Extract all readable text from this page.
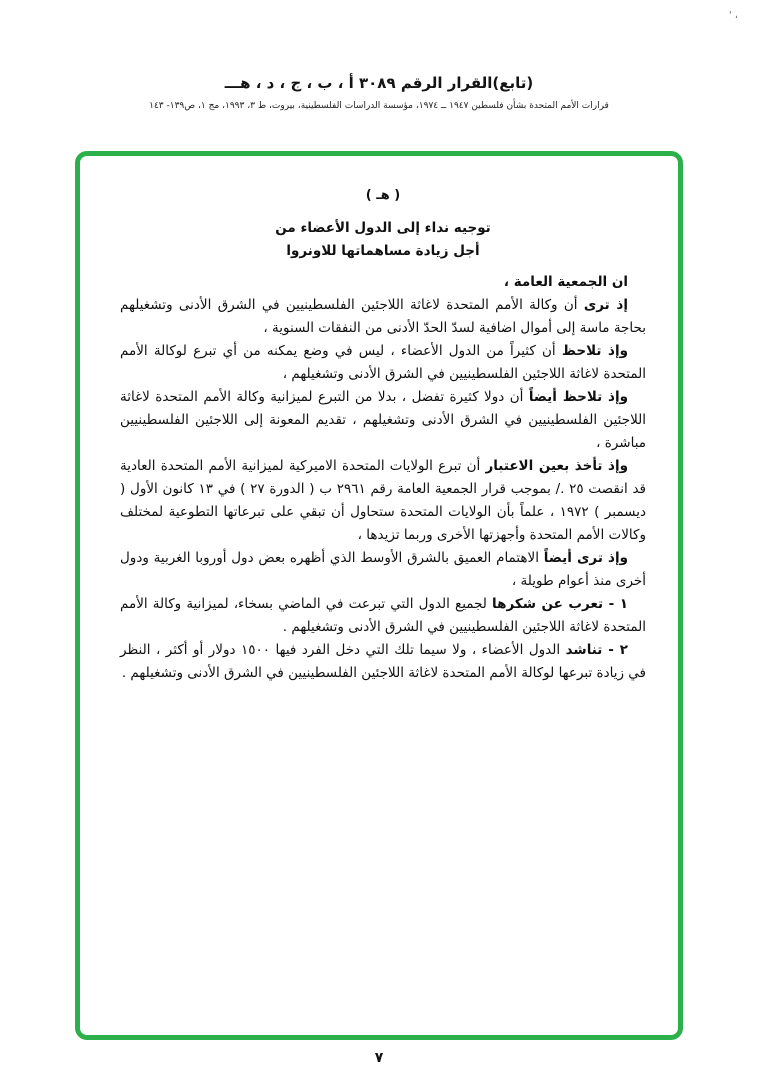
، '
(تابع)القرار الرقم ٣٠٨٩ أ ، ب ، ج ، د ، هـــ
قرارات الأمم المتحدة بشأن فلسطين ١٩٤٧ ــ ١٩٧٤، مؤسسة الدراسات الفلسطينية، بيروت، ط ٣، ١٩٩٣، مج ١، ص١٣٩- ١٤٣
( هـ )
توجيه نداء إلى الدول الأعضاء من
أجل زيادة مساهماتها للاونروا
ان الجمعية العامة ،

إذ ترى أن وكالة الأمم المتحدة لاغاثة اللاجئين الفلسطينيين في الشرق الأدنى وتشغيلهم بحاجة ماسة إلى أموال اضافية لسدّ الحدّ الأدنى من النفقات السنوية ،

وإذ تلاحظ أن كثيراً من الدول الأعضاء ، ليس في وضع يمكنه من أي تبرع لوكالة الأمم المتحدة لاغاثة اللاجئين الفلسطينيين في الشرق الأدنى وتشغيلهم ،

وإذ تلاحظ أيضاً أن دولا كثيرة تفضل ، بدلا من التبرع لميزانية وكالة الأمم المتحدة لاغاثة اللاجئين الفلسطينيين في الشرق الأدنى وتشغيلهم ، تقديم المعونة إلى اللاجئين الفلسطينيين مباشرة ،

وإذ تأخذ بعين الاعتبار أن تبرع الولايات المتحدة الاميركية لميزانية الأمم المتحدة العادية قد انقصت ٢٥ ./ بموجب قرار الجمعية العامة رقم ٢٩٦١ ب ( الدورة ٢٧ ) في ١٣ كانون الأول ( ديسمبر ) ١٩٧٢ ، علماً بأن الولايات المتحدة ستحاول أن تبقي على تبرعاتها التطوعية لمختلف وكالات الأمم المتحدة وأجهزتها الأخرى وربما تزيدها ،

وإذ ترى أيضاً الاهتمام العميق بالشرق الأوسط الذي أظهره بعض دول أوروبا الغربية ودول أخرى منذ أعوام طويلة ،

١ - تعرب عن شكرها لجميع الدول التي تبرعت في الماضي بسخاء، لميزانية وكالة الأمم المتحدة لاغاثة اللاجئين الفلسطينيين في الشرق الأدنى وتشغيلهم .

٢ - تناشد الدول الأعضاء ، ولا سيما تلك التي دخل الفرد فيها ١٥٠٠ دولار أو أكثر ، النظر في زيادة تبرعها لوكالة الأمم المتحدة لاغاثة اللاجئين الفلسطينيين في الشرق الأدنى وتشغيلهم .

٧
